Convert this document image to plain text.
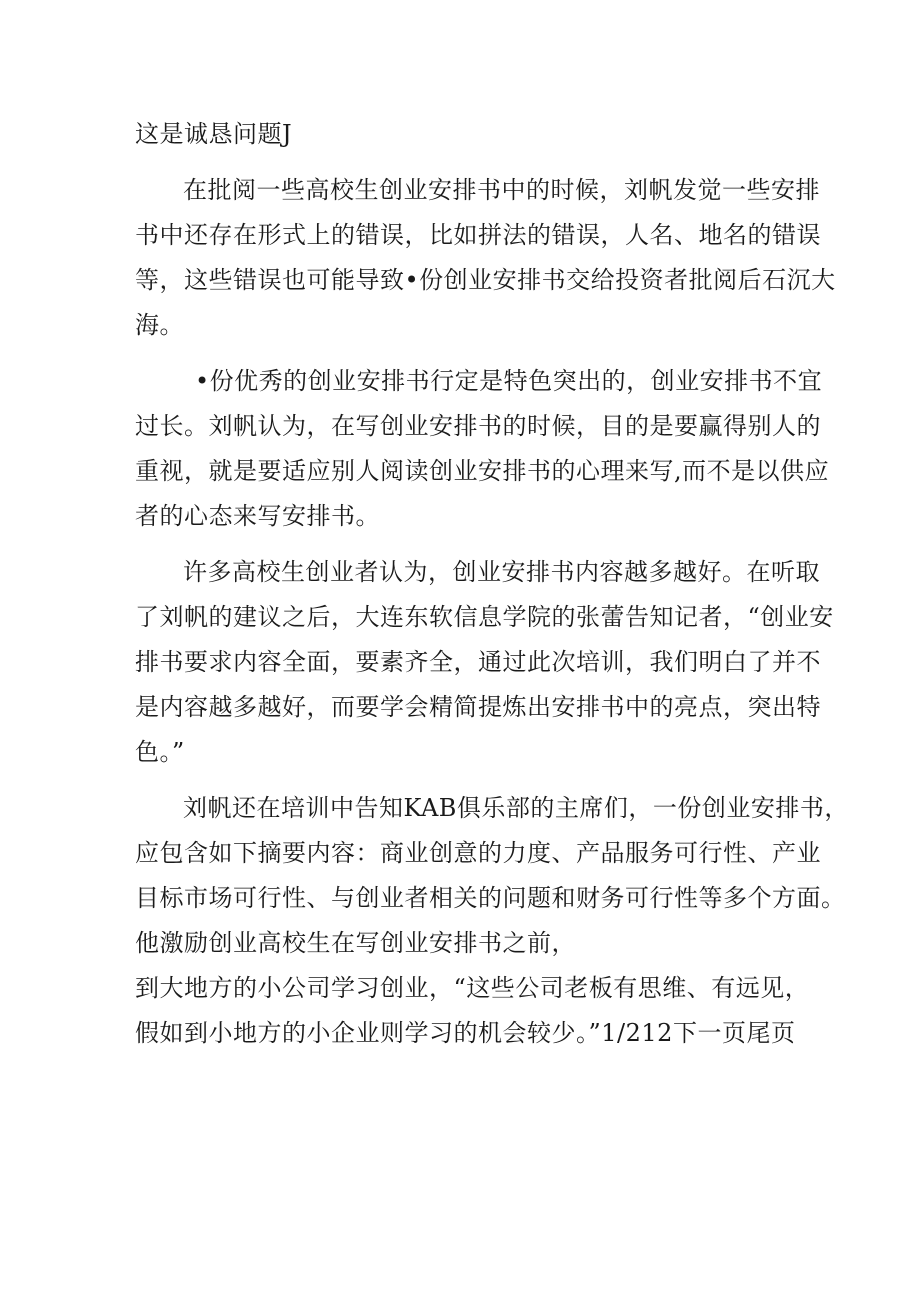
这是诚恳问题J
在批阅一些高校生创业安排书中的时候，刘帆发觉一些安排
书中还存在形式上的错误，比如拼法的错误，人名、地名的错误
等，这些错误也可能导致•份创业安排书交给投资者批阅后石沉大
海。
•份优秀的创业安排书行定是特色突出的，创业安排书不宜
过长。刘帆认为，在写创业安排书的时候，目的是要赢得别人的
重视，就是要适应别人阅读创业安排书的心理来写,而不是以供应
者的心态来写安排书。
许多高校生创业者认为，创业安排书内容越多越好。在听取
了刘帆的建议之后，大连东软信息学院的张蕾告知记者，“创业安
排书要求内容全面，要素齐全，通过此次培训，我们明白了并不
是内容越多越好，而要学会精简提炼出安排书中的亮点，突出特
色。”
刘帆还在培训中告知KAB俱乐部的主席们，一份创业安排书，
应包含如下摘要内容：商业创意的力度、产品服务可行性、产业
目标市场可行性、与创业者相关的问题和财务可行性等多个方面。
他激励创业高校生在写创业安排书之前，
到大地方的小公司学习创业，“这些公司老板有思维、有远见，
假如到小地方的小企业则学习的机会较少。”1/212下一页尾页
